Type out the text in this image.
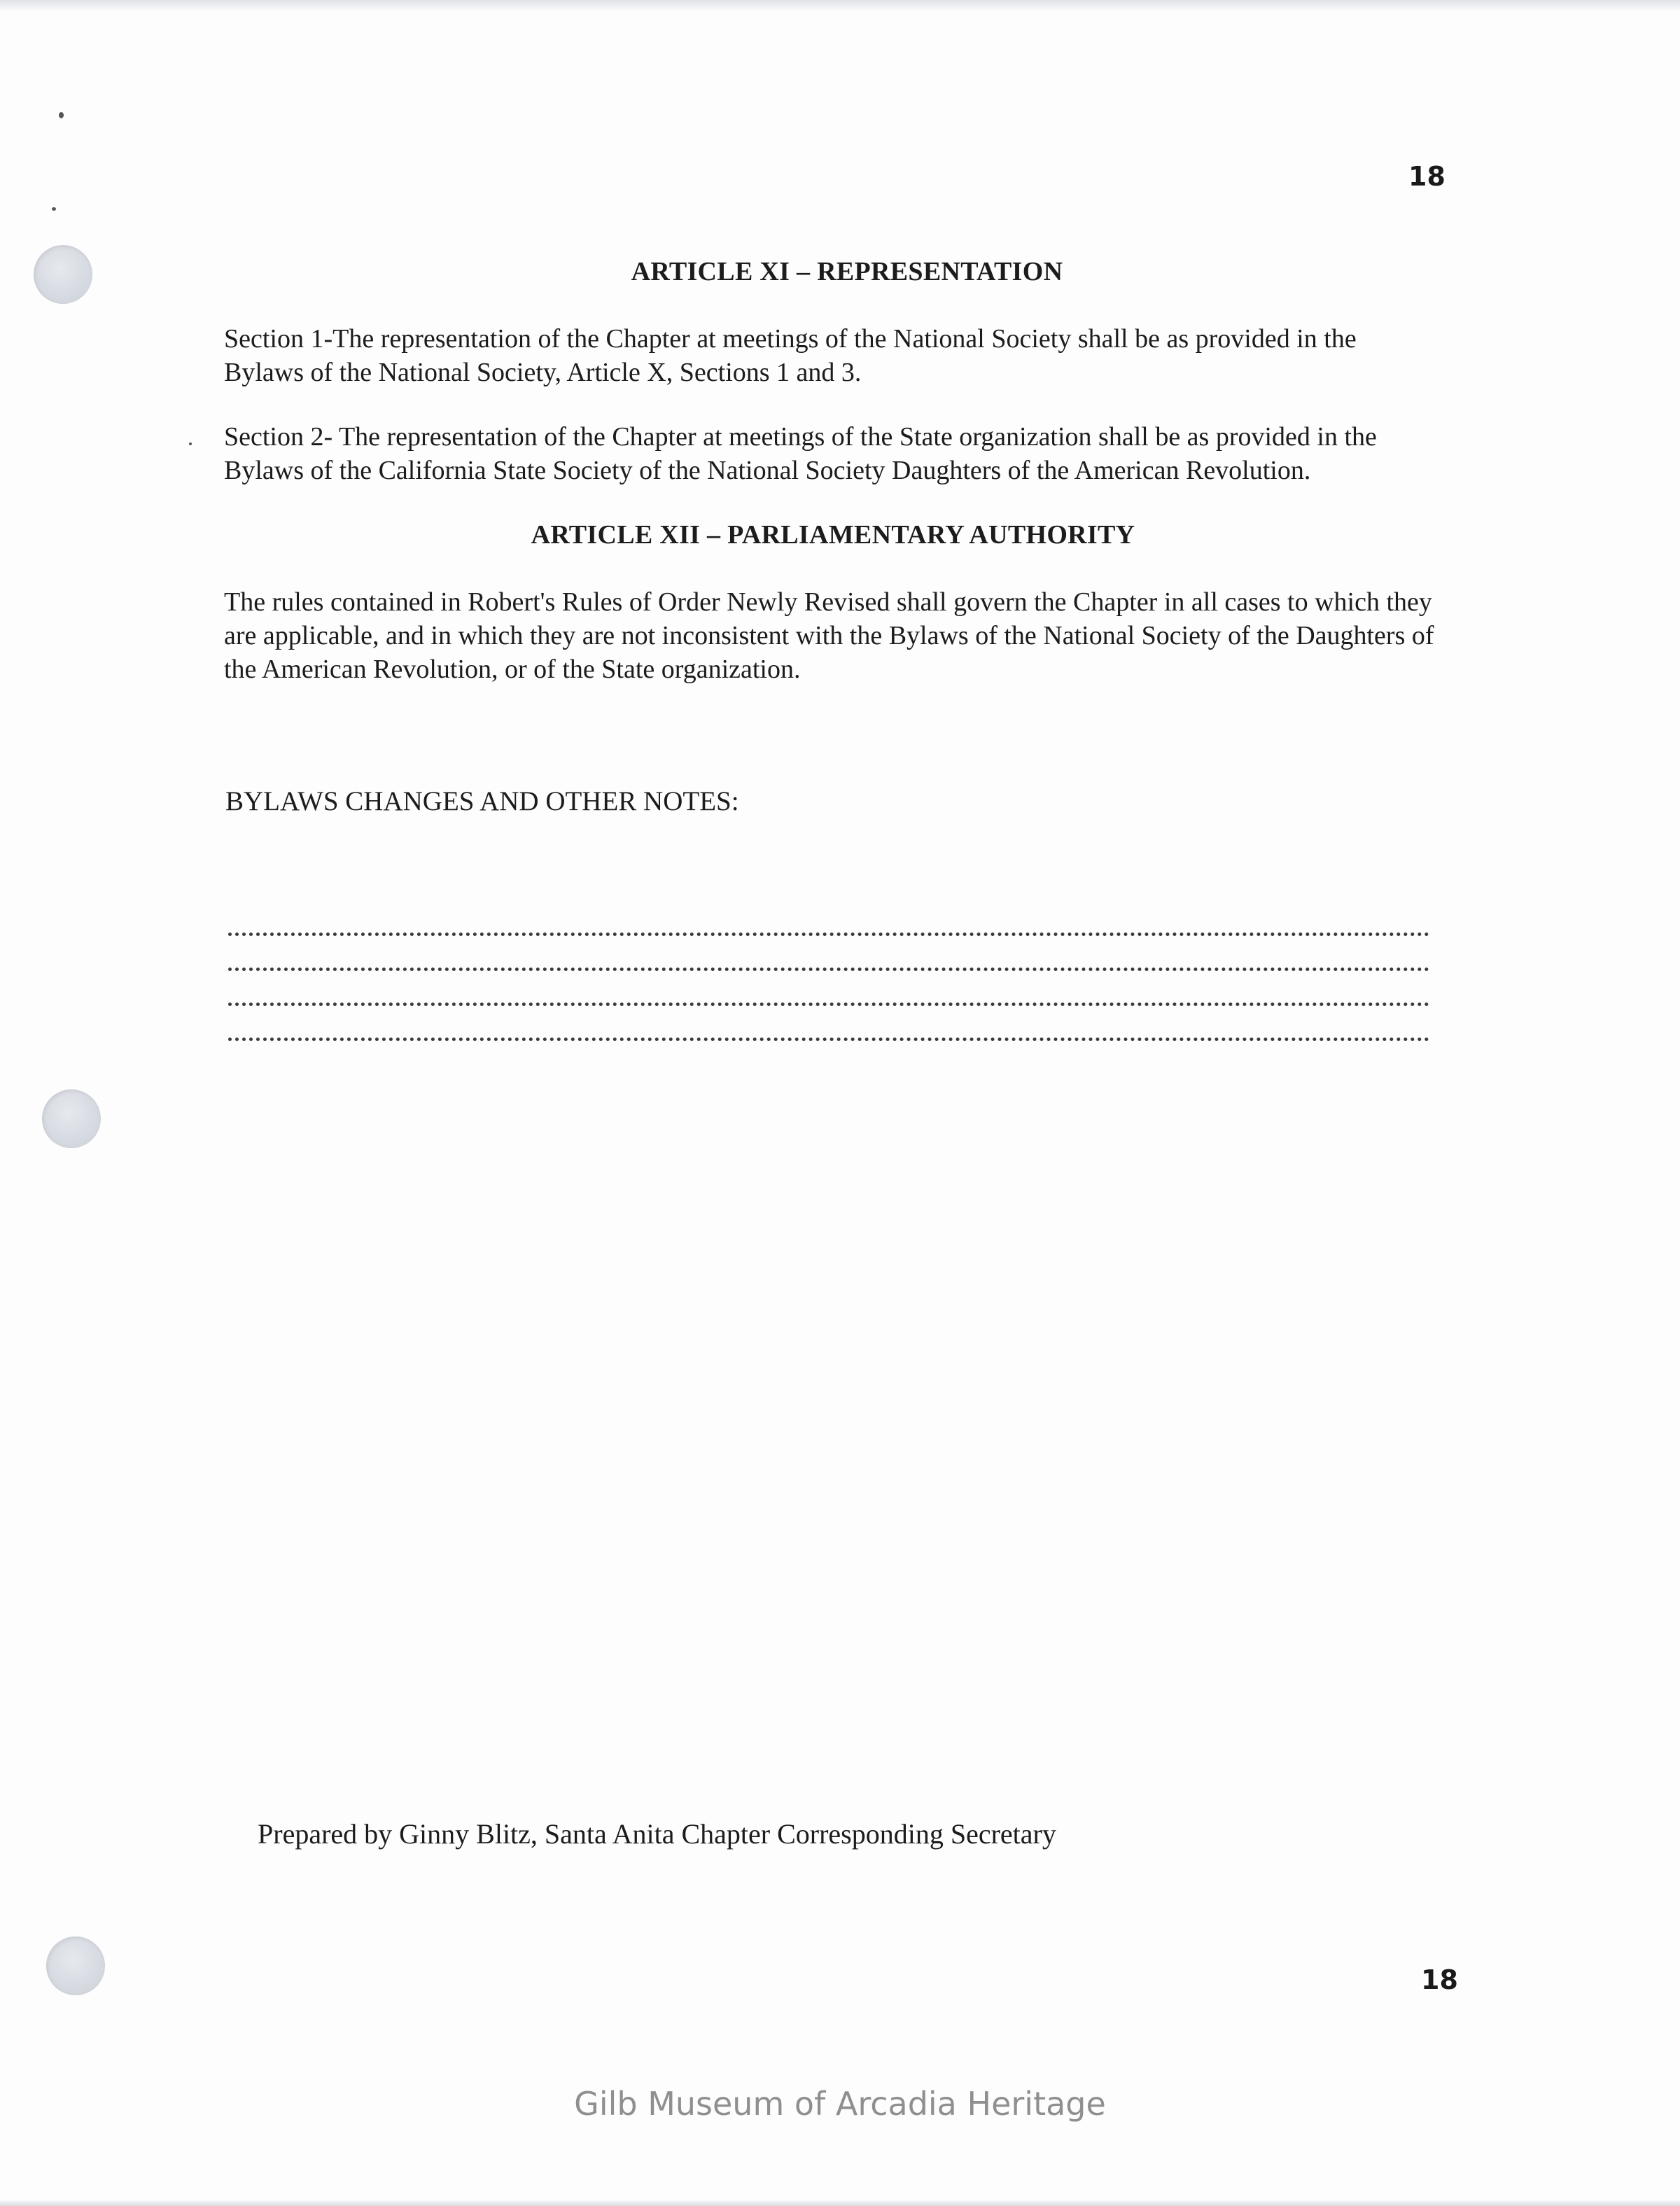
18
ARTICLE XI – REPRESENTATION
Section 1-The representation of the Chapter at meetings of the National Society shall be as provided in the Bylaws of the National Society, Article X, Sections 1 and 3.
Section 2- The representation of the Chapter at meetings of the State organization shall be as provided in the Bylaws of the California State Society of the National Society Daughters of the American Revolution.
ARTICLE XII – PARLIAMENTARY AUTHORITY
The rules contained in Robert's Rules of Order Newly Revised shall govern the Chapter in all cases to which they are applicable, and in which they are not inconsistent with the Bylaws of the National Society of the Daughters of the American Revolution, or of the State organization.
BYLAWS CHANGES AND OTHER NOTES:
Prepared by Ginny Blitz, Santa Anita Chapter Corresponding Secretary
18
Gilb Museum of Arcadia Heritage
